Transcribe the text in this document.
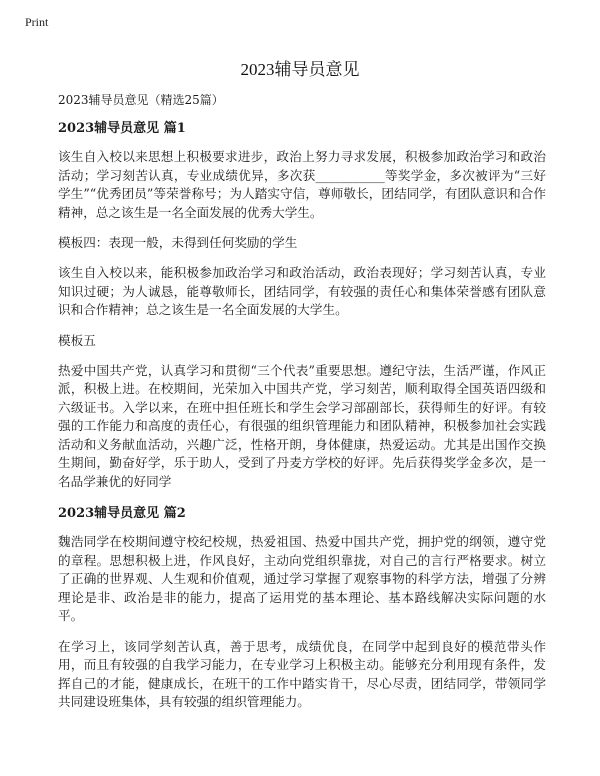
Print
2023辅导员意见
2023辅导员意见（精选25篇）
2023辅导员意见 篇1

该生自入校以来思想上积极要求进步，政治上努力寻求发展，积极参加政治学习和政治活动；学习刻苦认真，专业成绩优异，多次获___________等奖学金，多次被评为“三好学生”“优秀团员”等荣誉称号；为人踏实守信，尊师敬长，团结同学，有团队意识和合作精神，总之该生是一名全面发展的优秀大学生。

模板四：表现一般，未得到任何奖励的学生

该生自入校以来，能积极参加政治学习和政治活动，政治表现好；学习刻苦认真，专业知识过硬；为人诚恳，能尊敬师长，团结同学，有较强的责任心和集体荣誉感有团队意识和合作精神；总之该生是一名全面发展的大学生。

模板五

热爱中国共产党，认真学习和贯彻“三个代表”重要思想。遵纪守法，生活严谨，作风正派，积极上进。在校期间，光荣加入中国共产党，学习刻苦，顺利取得全国英语四级和六级证书。入学以来，在班中担任班长和学生会学习部副部长，获得师生的好评。有较强的工作能力和高度的责任心，有很强的组织管理能力和团队精神，积极参加社会实践活动和义务献血活动，兴趣广泛，性格开朗，身体健康，热爱运动。尤其是出国作交换生期间，勤奋好学，乐于助人，受到了丹麦方学校的好评。先后获得奖学金多次，是一名品学兼优的好同学

2023辅导员意见 篇2

魏浩同学在校期间遵守校纪校规，热爱祖国、热爱中国共产党，拥护党的纲领，遵守党的章程。思想积极上进，作风良好，主动向党组织靠拢，对自己的言行严格要求。树立了正确的世界观、人生观和价值观，通过学习掌握了观察事物的科学方法，增强了分辨理论是非、政治是非的能力，提高了运用党的基本理论、基本路线解决实际问题的水平。

在学习上，该同学刻苦认真，善于思考，成绩优良，在同学中起到良好的模范带头作用，而且有较强的自我学习能力，在专业学习上积极主动。能够充分利用现有条件，发挥自己的才能，健康成长，在班干的工作中踏实肯干，尽心尽责，团结同学，带领同学共同建设班集体，具有较强的组织管理能力。
